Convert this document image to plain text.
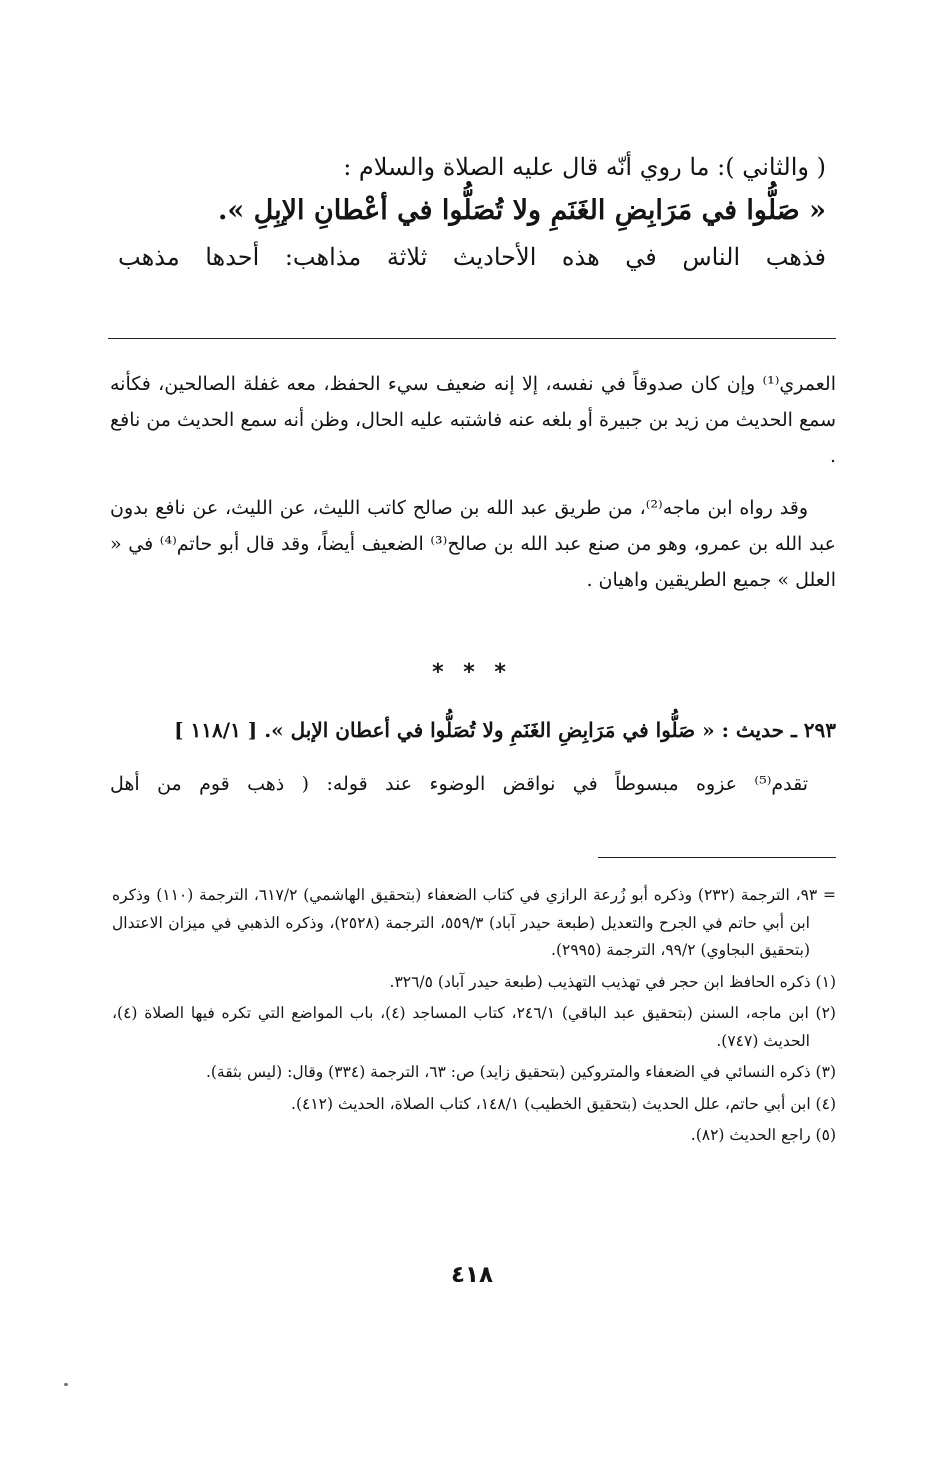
( والثاني ): ما روي أنّه قال عليه الصلاة والسلام :

« صَلُّوا في مَرَابِضِ الغَنَمِ ولا تُصَلُّوا في أعْطانِ الإبِلِ ».

فذهب الناس في هذه الأحاديث ثلاثة مذاهب: أحدها مذهب

العمري⁽¹⁾ وإن كان صدوقاً في نفسه، إلا إنه ضعيف سيء الحفظ، معه غفلة الصالحين، فكأنه سمع الحديث من زيد بن جبيرة أو بلغه عنه فاشتبه عليه الحال، وظن أنه سمع الحديث من نافع .

وقد رواه ابن ماجه⁽²⁾، من طريق عبد الله بن صالح كاتب الليث، عن الليث، عن نافع بدون عبد الله بن عمرو، وهو من صنع عبد الله بن صالح⁽³⁾ الضعيف أيضاً، وقد قال أبو حاتم⁽⁴⁾ في « العلل » جميع الطريقين واهيان .

* * *

٢٩٣ ـ حديث : « صَلُّوا في مَرَابِضِ الغَنَمِ ولا تُصَلُّوا في أعطان الإبل ». [ ١١٨/١ ]

تقدم⁽⁵⁾ عزوه مبسوطاً في نواقض الوضوء عند قوله: ( ذهب قوم من أهل

= ٩٣، الترجمة (٢٣٢) وذكره أبو زُرعة الرازي في كتاب الضعفاء (بتحقيق الهاشمي) ٦١٧/٢، الترجمة (١١٠) وذكره ابن أبي حاتم في الجرح والتعديل (طبعة حيدر آباد) ٥٥٩/٣، الترجمة (٢٥٢٨)، وذكره الذهبي في ميزان الاعتدال (بتحقيق البجاوي) ٩٩/٢، الترجمة (٢٩٩٥).

(١) ذكره الحافظ ابن حجر في تهذيب التهذيب (طبعة حيدر آباد) ٣٢٦/٥.

(٢) ابن ماجه، السنن (بتحقيق عبد الباقي) ٢٤٦/١، كتاب المساجد (٤)، باب المواضع التي تكره فيها الصلاة (٤)، الحديث (٧٤٧).

(٣) ذكره النسائي في الضعفاء والمتروكين (بتحقيق زايد) ص: ٦٣، الترجمة (٣٣٤) وقال: (ليس بثقة).

(٤) ابن أبي حاتم، علل الحديث (بتحقيق الخطيب) ١٤٨/١، كتاب الصلاة، الحديث (٤١٢).

(٥) راجع الحديث (٨٢).

٤١٨
